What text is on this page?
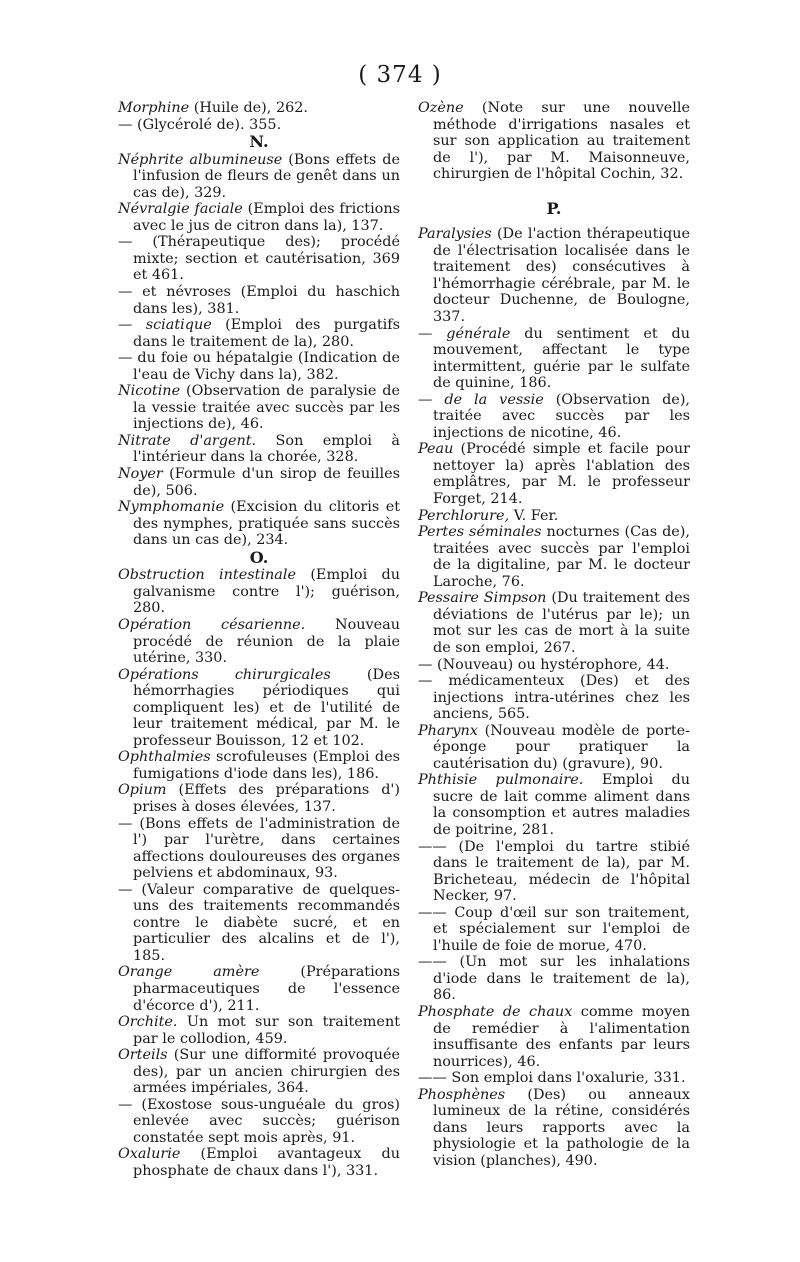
( 374 )

Morphine (Huile de), 262.

— (Glycérolé de). 355.

N.

Néphrite albumineuse (Bons effets de l'infusion de fleurs de genêt dans un cas de), 329.

Névralgie faciale (Emploi des frictions avec le jus de citron dans la), 137.

— (Thérapeutique des); procédé mixte; section et cautérisation, 369 et 461.

— et névroses (Emploi du haschich dans les), 381.

— sciatique (Emploi des purgatifs dans le traitement de la), 280.

— du foie ou hépatalgie (Indication de l'eau de Vichy dans la), 382.

Nicotine (Observation de paralysie de la vessie traitée avec succès par les injections de), 46.

Nitrate d'argent. Son emploi à l'intérieur dans la chorée, 328.

Noyer (Formule d'un sirop de feuilles de), 506.

Nymphomanie (Excision du clitoris et des nymphes, pratiquée sans succès dans un cas de), 234.

O.

Obstruction intestinale (Emploi du galvanisme contre l'); guérison, 280.

Opération césarienne. Nouveau procédé de réunion de la plaie utérine, 330.

Opérations chirurgicales (Des hémorrhagies périodiques qui compliquent les) et de l'utilité de leur traitement médical, par M. le professeur Bouisson, 12 et 102.

Ophthalmies scrofuleuses (Emploi des fumigations d'iode dans les), 186.

Opium (Effets des préparations d') prises à doses élevées, 137.

— (Bons effets de l'administration de l') par l'urètre, dans certaines affections douloureuses des organes pelviens et abdominaux, 93.

— (Valeur comparative de quelques-uns des traitements recommandés contre le diabète sucré, et en particulier des alcalins et de l'), 185.

Orange amère (Préparations pharmaceutiques de l'essence d'écorce d'), 211.

Orchite. Un mot sur son traitement par le collodion, 459.

Orteils (Sur une difformité provoquée des), par un ancien chirurgien des armées impériales, 364.

— (Exostose sous-unguéale du gros) enlevée avec succès; guérison constatée sept mois après, 91.

Oxalurie (Emploi avantageux du phosphate de chaux dans l'), 331.

Ozène (Note sur une nouvelle méthode d'irrigations nasales et sur son application au traitement de l'), par M. Maisonneuve, chirurgien de l'hôpital Cochin, 32.

P.

Paralysies (De l'action thérapeutique de l'électrisation localisée dans le traitement des) consécutives à l'hémorrhagie cérébrale, par M. le docteur Duchenne, de Boulogne, 337.

— générale du sentiment et du mouvement, affectant le type intermittent, guérie par le sulfate de quinine, 186.

— de la vessie (Observation de), traitée avec succès par les injections de nicotine, 46.

Peau (Procédé simple et facile pour nettoyer la) après l'ablation des emplâtres, par M. le professeur Forget, 214.

Perchlorure, V. Fer.

Pertes séminales nocturnes (Cas de), traitées avec succès par l'emploi de la digitaline, par M. le docteur Laroche, 76.

Pessaire Simpson (Du traitement des déviations de l'utérus par le); un mot sur les cas de mort à la suite de son emploi, 267.

— (Nouveau) ou hystérophore, 44.

— médicamenteux (Des) et des injections intra-utérines chez les anciens, 565.

Pharynx (Nouveau modèle de porte-éponge pour pratiquer la cautérisation du) (gravure), 90.

Phthisie pulmonaire. Emploi du sucre de lait comme aliment dans la consomption et autres maladies de poitrine, 281.

—— (De l'emploi du tartre stibié dans le traitement de la), par M. Bricheteau, médecin de l'hôpital Necker, 97.

—— Coup d'œil sur son traitement, et spécialement sur l'emploi de l'huile de foie de morue, 470.

—— (Un mot sur les inhalations d'iode dans le traitement de la), 86.

Phosphate de chaux comme moyen de remédier à l'alimentation insuffisante des enfants par leurs nourrices), 46.

—— Son emploi dans l'oxalurie, 331.

Phosphènes (Des) ou anneaux lumineux de la rétine, considérés dans leurs rapports avec la physiologie et la pathologie de la vision (planches), 490.
